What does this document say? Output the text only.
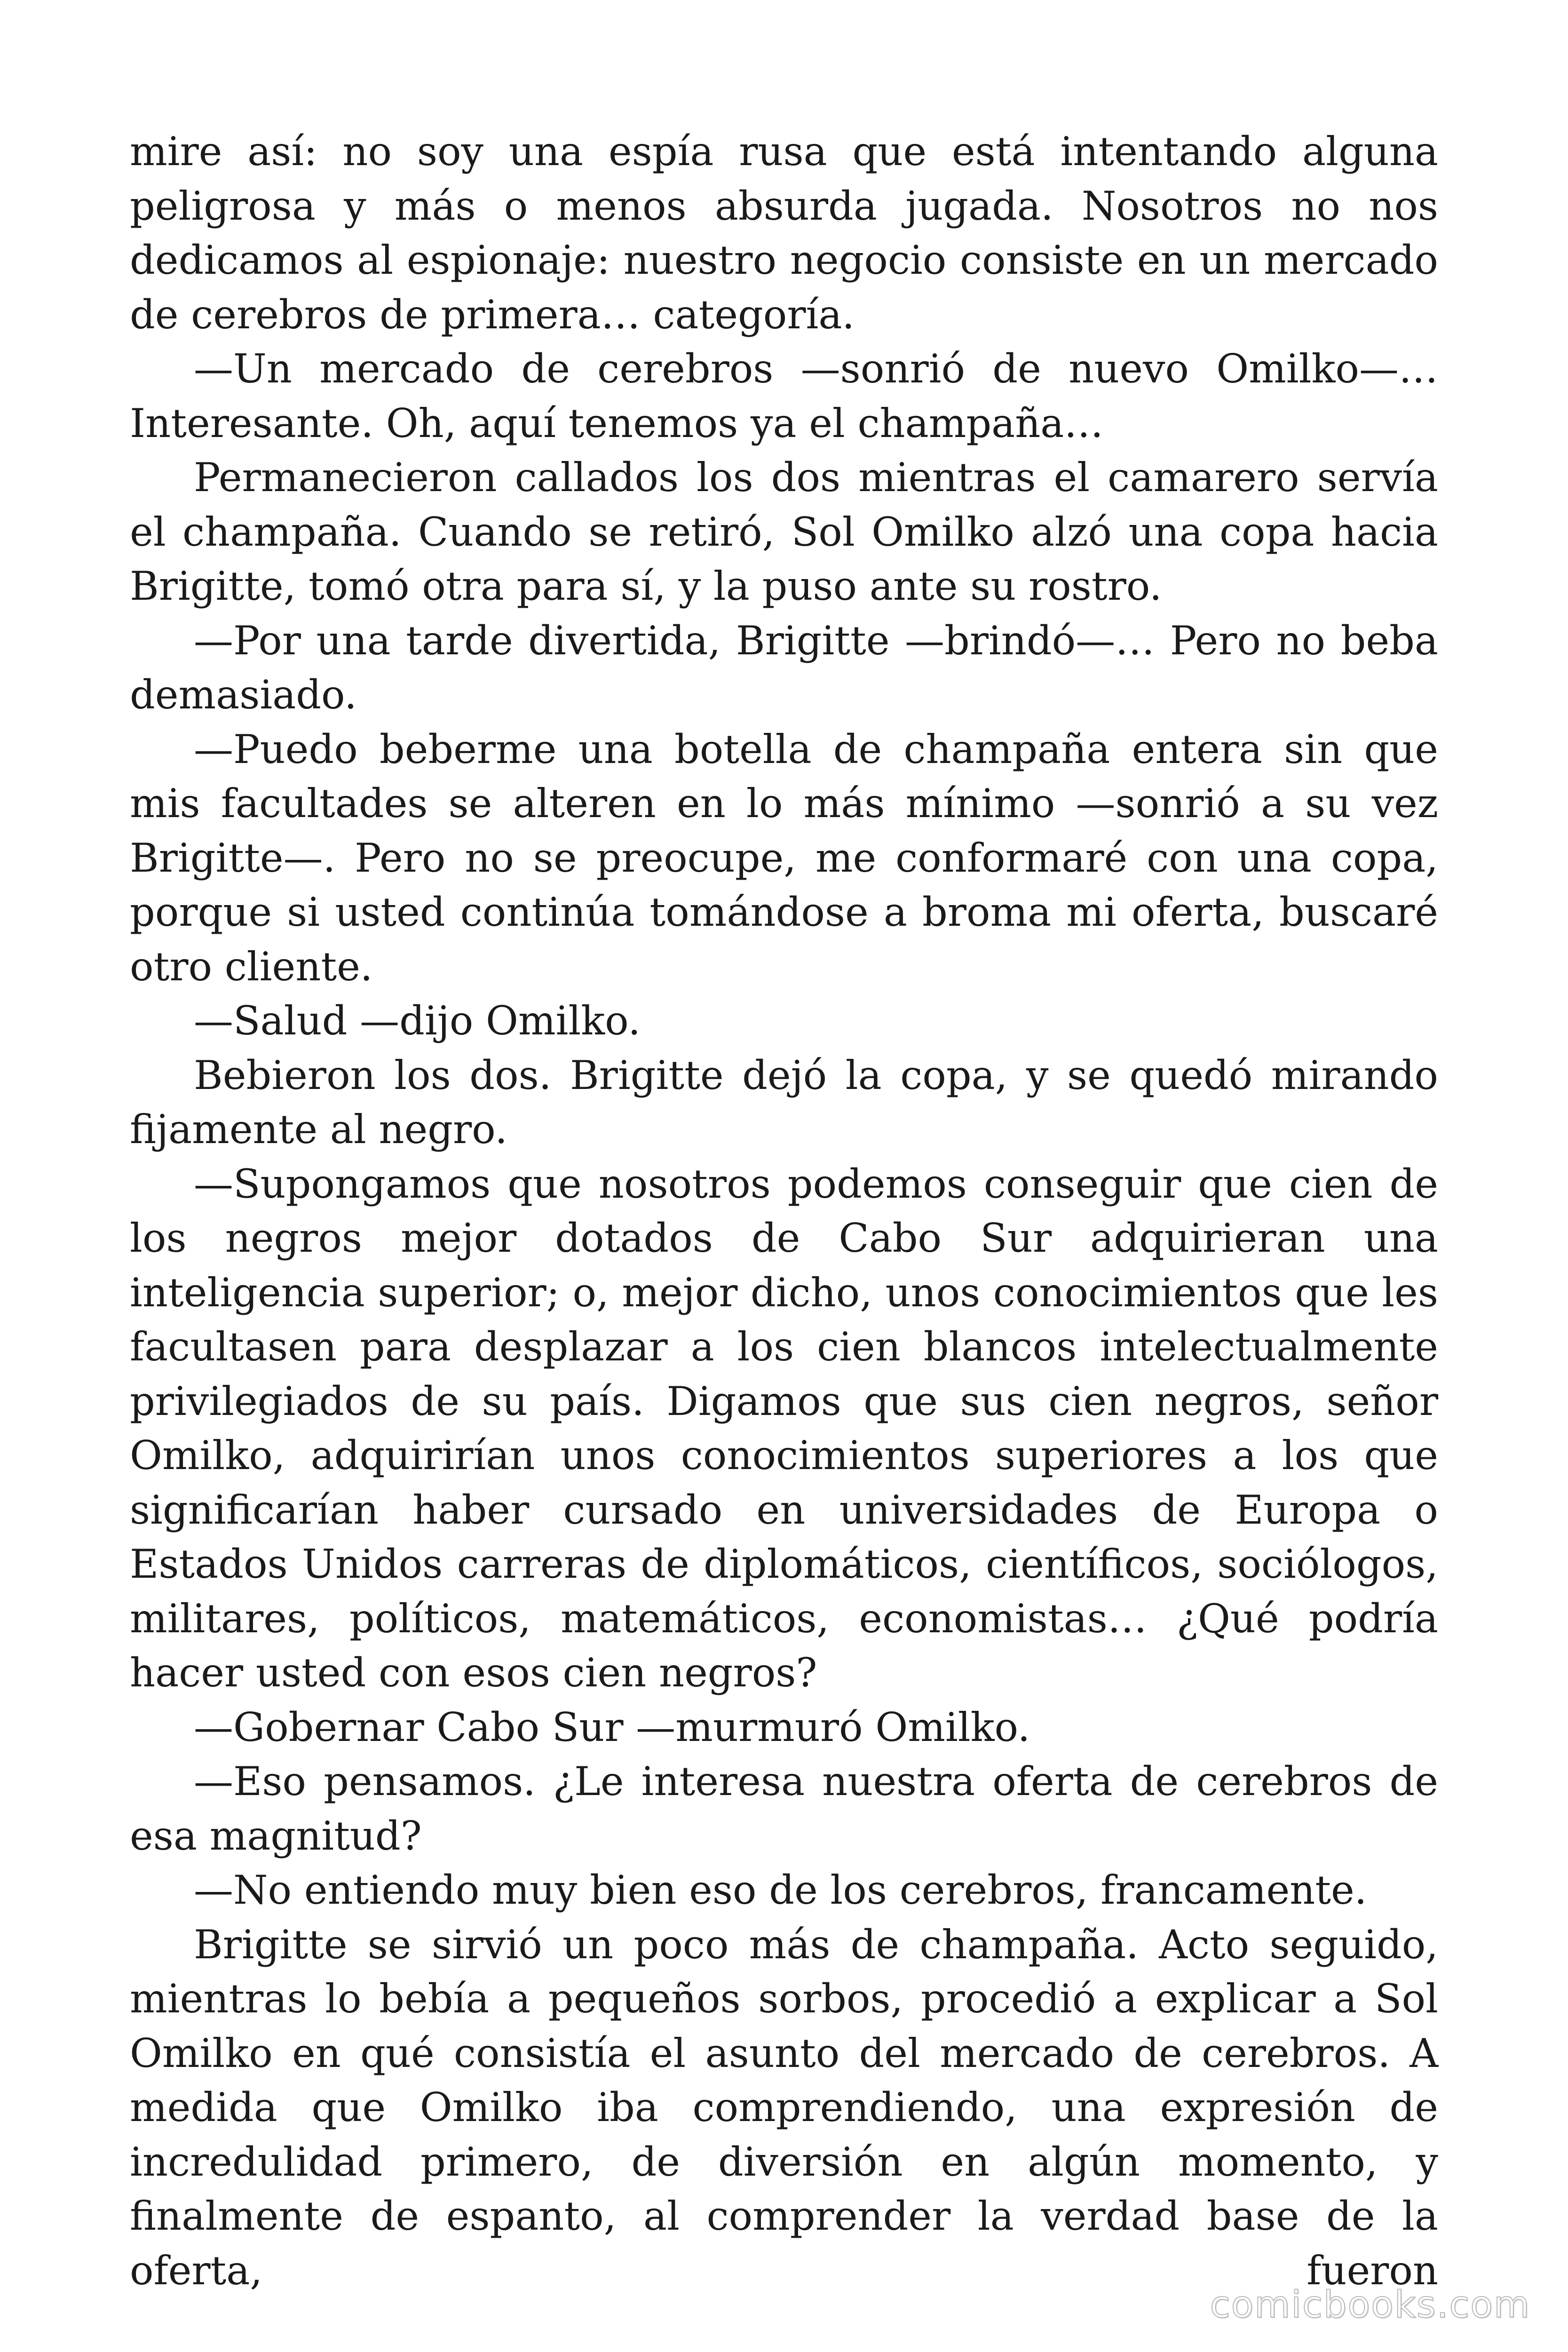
mire así: no soy una espía rusa que está intentando alguna peligrosa y más o menos absurda jugada. Nosotros no nos dedicamos al espionaje: nuestro negocio consiste en un mercado de cerebros de primera… categoría.

—Un mercado de cerebros —sonrió de nuevo Omilko—… Interesante. Oh, aquí tenemos ya el champaña…

Permanecieron callados los dos mientras el camarero servía el champaña. Cuando se retiró, Sol Omilko alzó una copa hacia Brigitte, tomó otra para sí, y la puso ante su rostro.

—Por una tarde divertida, Brigitte —brindó—… Pero no beba demasiado.

—Puedo beberme una botella de champaña entera sin que mis facultades se alteren en lo más mínimo —sonrió a su vez Brigitte—. Pero no se preocupe, me conformaré con una copa, porque si usted continúa tomándose a broma mi oferta, buscaré otro cliente.

—Salud —dijo Omilko.

Bebieron los dos. Brigitte dejó la copa, y se quedó mirando fijamente al negro.

—Supongamos que nosotros podemos conseguir que cien de los negros mejor dotados de Cabo Sur adquirieran una inteligencia superior; o, mejor dicho, unos conocimientos que les facultasen para desplazar a los cien blancos intelectualmente privilegiados de su país. Digamos que sus cien negros, señor Omilko, adquirirían unos conocimientos superiores a los que significarían haber cursado en universidades de Europa o Estados Unidos carreras de diplomáticos, científicos, sociólogos, militares, políticos, matemáticos, economistas… ¿Qué podría hacer usted con esos cien negros?

—Gobernar Cabo Sur —murmuró Omilko.

—Eso pensamos. ¿Le interesa nuestra oferta de cerebros de esa magnitud?

—No entiendo muy bien eso de los cerebros, francamente.

Brigitte se sirvió un poco más de champaña. Acto seguido, mientras lo bebía a pequeños sorbos, procedió a explicar a Sol Omilko en qué consistía el asunto del mercado de cerebros. A medida que Omilko iba comprendiendo, una expresión de incredulidad primero, de diversión en algún momento, y finalmente de espanto, al comprender la verdad base de la oferta, fueron

comicbooks.com
